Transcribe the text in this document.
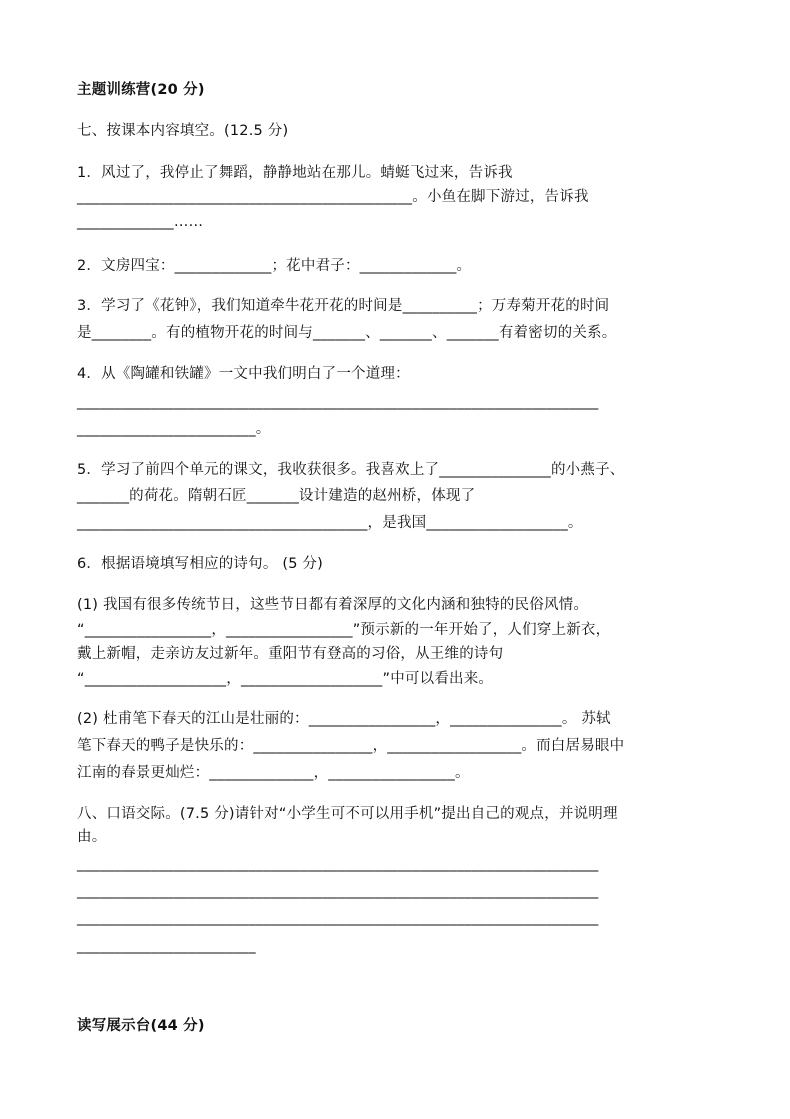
主题训练营(20 分)
七、按课本内容填空。(12.5 分)
1．风过了，我停止了舞蹈，静静地站在那儿。蜻蜓飞过来，告诉我
_____________________________________________。小鱼在脚下游过，告诉我
_____________……
2．文房四宝：_____________；花中君子：_____________。
3．学习了《花钟》，我们知道牵牛花开花的时间是__________；万寿菊开花的时间
是________。有的植物开花的时间与_______、_______、_______有着密切的关系。
4．从《陶罐和铁罐》一文中我们明白了一个道理：
______________________________________________________________________
________________________。
5．学习了前四个单元的课文，我收获很多。我喜欢上了_______________的小燕子、
_______的荷花。隋朝石匠_______设计建造的赵州桥，体现了
_______________________________________，是我国___________________。
6．根据语境填写相应的诗句。 (5 分)
(1) 我国有很多传统节日，这些节日都有着深厚的文化内涵和独特的民俗风情。
“_________________，_________________”预示新的一年开始了，人们穿上新衣，
戴上新帽，走亲访友过新年。重阳节有登高的习俗，从王维的诗句
“___________________，___________________”中可以看出来。
(2) 杜甫笔下春天的江山是壮丽的：_________________，_______________。 苏轼
笔下春天的鸭子是快乐的：________________，__________________。而白居易眼中
江南的春景更灿烂：______________，_________________。
八、口语交际。(7.5 分)请针对“小学生可不可以用手机”提出自己的观点，并说明理
由。
______________________________________________________________________
______________________________________________________________________
______________________________________________________________________
________________________
读写展示台(44 分)
